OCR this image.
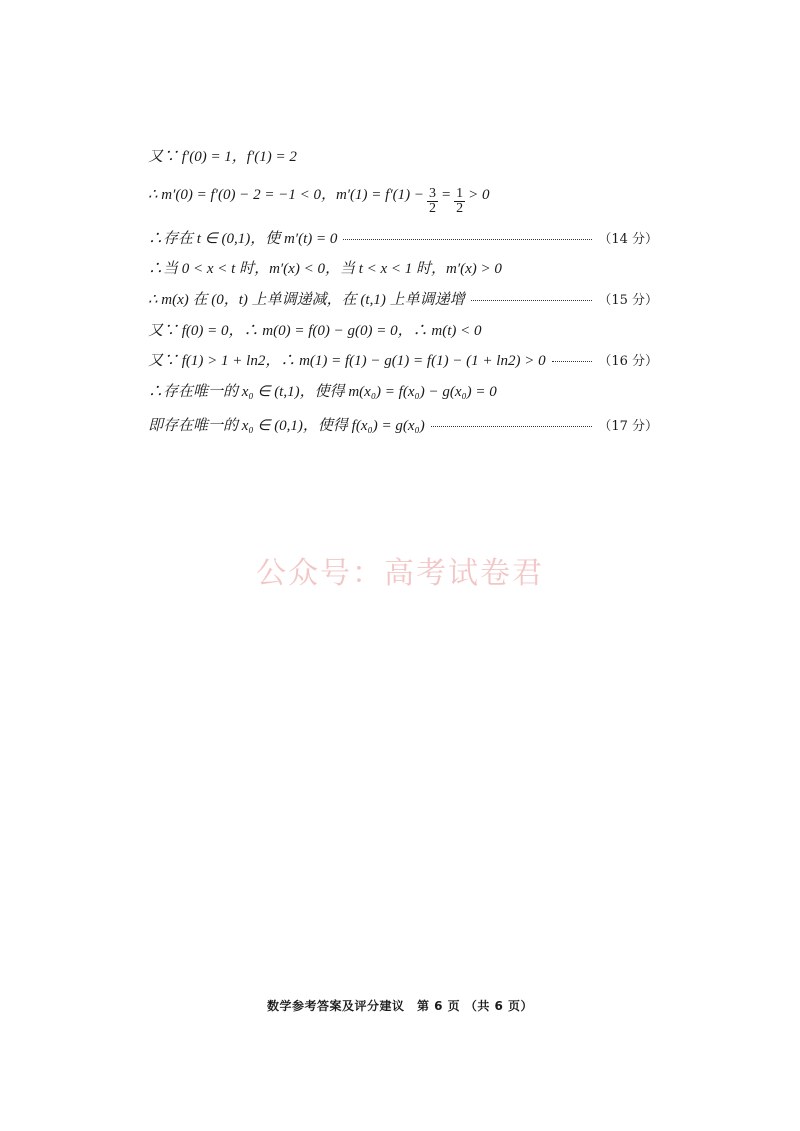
又∵ f′(0) = 1，f′(1) = 2
∴ m′(0) = f′(0) − 2 = −1 < 0，$m'(1) = f'(1) - \frac{3}{2} = \frac{1}{2} > 0$
∴存在 t ∈ (0,1)，使 m′(t) = 0	（14 分）
∴当 0 < x < t 时，m′(x) < 0，当 t < x < 1 时，m′(x) > 0
∴ m(x) 在 (0，t) 上单调递减，在 (t,1) 上单调递增	（15 分）
又∵ f(0) = 0，∴ m(0) = f(0) − g(0) = 0，∴ m(t) < 0
又∵ f(1) > 1 + ln2，∴ m(1) = f(1) − g(1) = f(1) − (1 + ln2) > 0	（16 分）
∴存在唯一的 x₀ ∈ (t,1)，使得 m(x₀) = f(x₀) − g(x₀) = 0
即存在唯一的 x₀ ∈ (0,1)，使得 f(x₀) = g(x₀)	（17 分）
公众号：高考试卷君
数学参考答案及评分建议　第 6 页 （共 6 页）
